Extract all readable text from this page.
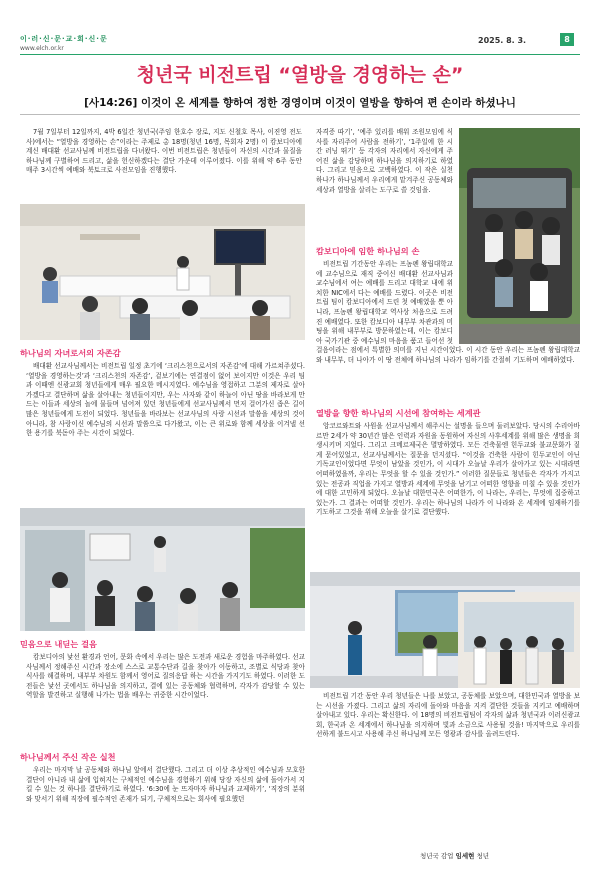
이·러·신·문·교·회·신·문
www.elch.or.kr
2025. 8. 3.	8
청년국 비전트립 “열방을 경영하는 손”
[사14:26] 이것이 온 세계를 향하여 정한 경영이며 이것이 열방을 향하여 편 손이라 하셨나니

7월 7일부터 12일까지, 4박 6일간 청년국(주임 한호수 장로, 지도 신철호 목사, 이진영 전도사)에서는 “열방을 경영하는 손”이라는 주제로 총 18명(청년 16명, 목회자 2명) 이 캄보디아에 계신 배대환 선교사님께 비전트립을 다녀왔다. 이번 비전트립은 청년들이 자신의 시간과 물질을 하나님께 구별하여 드리고, 삶을 헌신하겠다는 결단 가운데 이루어졌다. 이를 위해 약 6주 동안 매주 3시간씩 예배와 북토크로 사전모임을 진행했다.

하나님의 자녀로서의 자존감

배대환 선교사님께서는 비전트립 일정 초기에 ‘크리스천으로서의 자존감’에 대해 가르쳐주셨다. ‘열방을 경영하는것’과 ‘크리스천의 자존감’, 겉보기에는 연결점이 없어 보이지만 이것은 우리 팀과 이때엔 신광교회 청년들에게 매우 필요한 메시지였다. 예수님을 영접하고 그분의 제자로 살아가겠다고 결단하며 삶을 살아내는 청년들이지만, 우는 사자와 같이 하늘이 아닌 땅을 바라보게 만드는 이들과 세상의 놀에 물들며 넘어져 있던 청년들에게 선교사님께서 먼저 걸어가신 좁은 길이 많은 청년들에게 도전이 되었다. 청년들을 바라보는 선교사님의 사랑 시선과 말씀을 세상의 것이 아니라, 참 사랑이신 예수님의 시선과 말씀으로 다가왔고, 이는 큰 위로와 함께 세상을 이겨낼 선한 용기를 북돋아 주는 시간이 되었다.

믿음으로 내딛는 걸음

캄보디아의 낯선 환경과 언어, 문화 속에서 우리는 많은 도전과 새로운 경험을 마주하였다. 선교사님께서 정해주신 시간과 장소에 스스로 교통수단과 길을 찾아가 이동하고, 조별로 식당과 찾아 식사를 해결하며, 내부부 차원도 함께서 영어로 질의응답 하는 시간을 가지기도 하였다. 이러한 도전들은 낯선 곳에서도 하나님을 의지하고, 결에 있는 공동체와 협력하며, 각자가 감당할 수 있는 역할을 발견하고 실행해 나가는 법을 배우는 귀중한 시간이었다.

하나님께서 주신 작은 실천

우리는 마지막 날 공동체와 하나님 앞에서 결단했다. 그리고 더 이상 추상적인 예수님과 모호한 결단이 아니라 내 삶에 입혀지는 구체적인 예수님을 경험하기 위해 당장 자신의 삶에 돌아가서 지킬 수 있는 것 하나를 결단하기로 하였다. ‘6:30에 눈 뜨자마자 하나님과 교제하기’, ‘직장의 분위와 맞서기 위해 직장에 필수적인 존재가 되기, 구체적으로는 회사에 필요했던

자격증 따기’, ‘예주 있리를 배워 조원모임에 식사를 자리주어 사람을 전하기’, ‘1주일에 한 시간 러닝 뛰기’ 등 각자의 자리에서 자신에게 주어진 삶을 감당하며 하나님을 의지하기로 하였다. 그리고 믿음으로 고백하였다. 이 작은 실천 하나가 하나님께서 우리에게 맡겨주신 공동체와 세상과 열방을 살리는 도구로 쓸 것임을.

캄보디아에 임한 하나님의 손
열방을 향한 하나님의 시선에 참여하는 세계관

앙코르와트와 사원을 선교사님께서 해주시는 설명을 들으며 둘러보았다. 당시의 수리아바르만 2세가 약 30년간 많은 인력과 자원을 동원하여 자신의 사후세계를 위해 많은 생명을 희생시키며 지었다. 그리고 크메르제국은 멸망하였다. 모든 건축물엔 힌두교와 불교문화가 짙게 묻어있었고, 선교사님께서는 질문을 던지셨다. “이것을 건축한 사람이 힌두교인이 아닌 기독교인이었다면 무엇이 남았을 것인가, 이 시대가 오늘날 우리가 살아가고 있는 시대라면 어떠하였을까, 우리는 무엇을 할 수 있을 것인가.” 이러한 질문들로 청년들은 각자가 가지고 있는 전공과 직업을 가지고 열방과 세계에 무엇을 남기고 어떠한 영향을 미칠 수 있을 것인가에 대한 고민하게 되었다. 오늘날 대한민국은 어떠한가, 이 나라는, 우리는, 무엇에 집중하고 있는가. 그 결과는 어떠할 것인가. 우리는 하나님의 나라가 이 나라와 온 세계에 임재하기를 기도하고 그것을 위해 오늘을 살기로 결단했다.

비전트립 기간 동안 우리 청년들은 나를 보았고, 공동체를 보았으며, 대한민국과 열방을 보는 시선을 가졌다. 그리고 삶의 자리에 돌아와 마음을 지켜 결단한 것들을 지키고 예배하며 살아내고 있다. 우리는 확신한다. 이 18명의 비전트립팀이 각자의 삶과 청년국과 이러신광교회, 한국과 온 세계에서 하나님을 의지하며 빛과 소금으로 사용될 것을! 마지막으로 우리를 선하게 불드시고 사용해 주신 하나님께 모든 영광과 감사를 올려드린다.

청년국 감업 임세현 청년

비전트립 기간동안 우리는 프놈펜 왕립대학교에 교수님으로 재직 중이신 배대환 선교사님과 교수님에서 여는 예배를 드리고 대학교 내에 위치한 NIC에서 다는 예배를 드렸다. 이곳은 비전트립 팀이 캄보디아에서 드린 첫 예배였을 뿐 아니라, 프놈펜 왕립대학교 역사상 처음으로 드려진 예배였다. 또한 캄보디아 내무부 차관과의 미팅을 위해 내무부로 방문하였는데, 이는 캄보디아 국가기관 중 예수님의 마음을 품고 들어선 첫걸음이라는 점에서 특별한 의미를 지닌 시간이었다. 이 시간 동안 우리는 프놈펜 왕립대학교와 내무부, 더 나아가 이 땅 전체에 하나님의 나라가 임하기를 간절히 기도하며 예배하였다.
